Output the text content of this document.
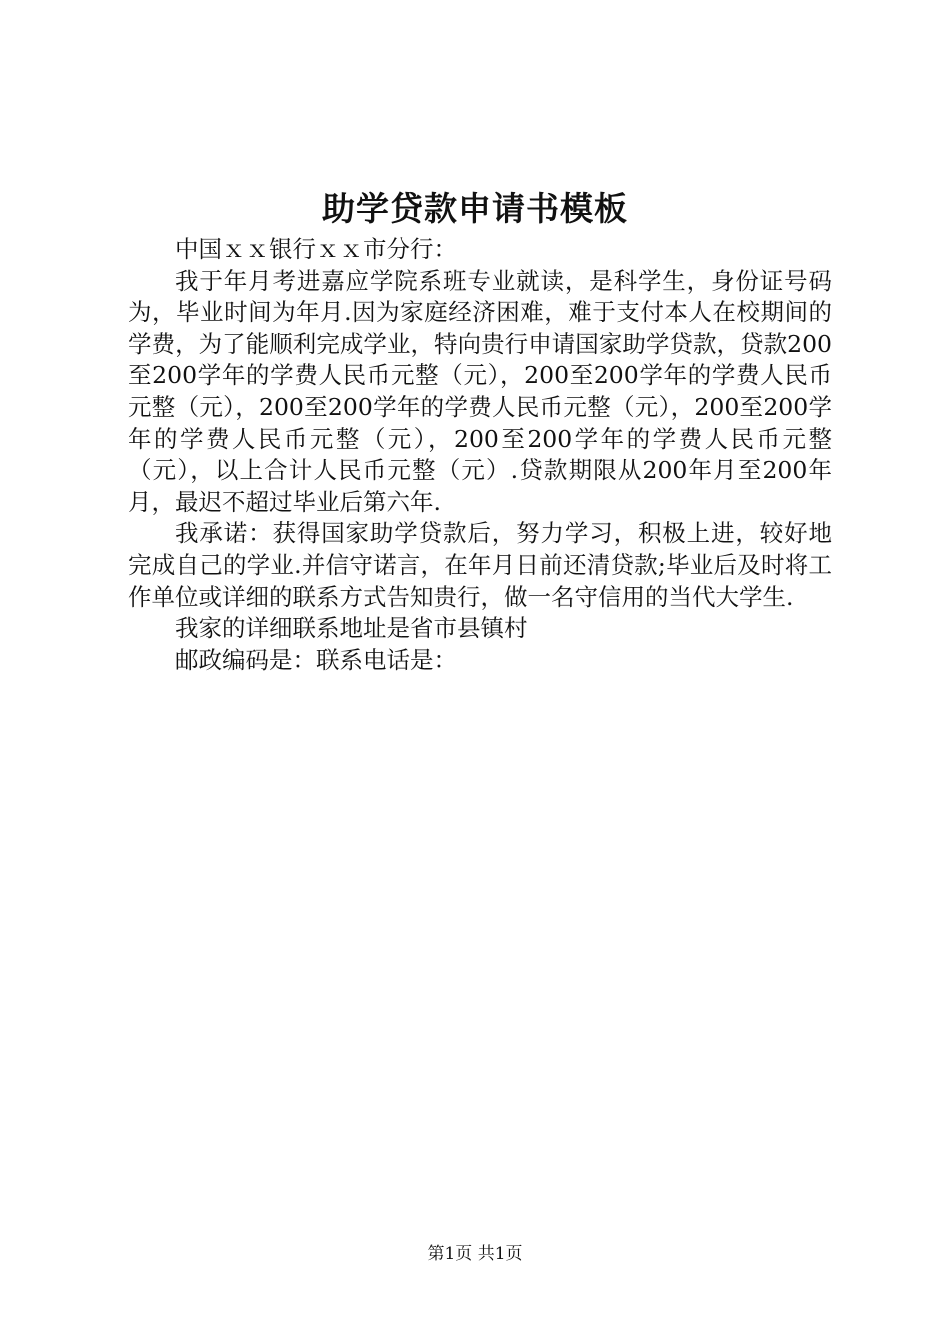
助学贷款申请书模板

中国ｘｘ银行ｘｘ市分行：

我于年月考进嘉应学院系班专业就读，是科学生，身份证号码为，毕业时间为年月.因为家庭经济困难，难于支付本人在校期间的学费，为了能顺利完成学业，特向贵行申请国家助学贷款，贷款200至200学年的学费人民币元整（元），200至200学年的学费人民币元整（元），200至200学年的学费人民币元整（元），200至200学年的学费人民币元整（元），200至200学年的学费人民币元整（元），以上合计人民币元整（元）.贷款期限从200年月至200年月，最迟不超过毕业后第六年.

我承诺：获得国家助学贷款后，努力学习，积极上进，较好地完成自己的学业.并信守诺言，在年月日前还清贷款;毕业后及时将工作单位或详细的联系方式告知贵行，做一名守信用的当代大学生.

我家的详细联系地址是省市县镇村

邮政编码是：联系电话是：

第1页 共1页
